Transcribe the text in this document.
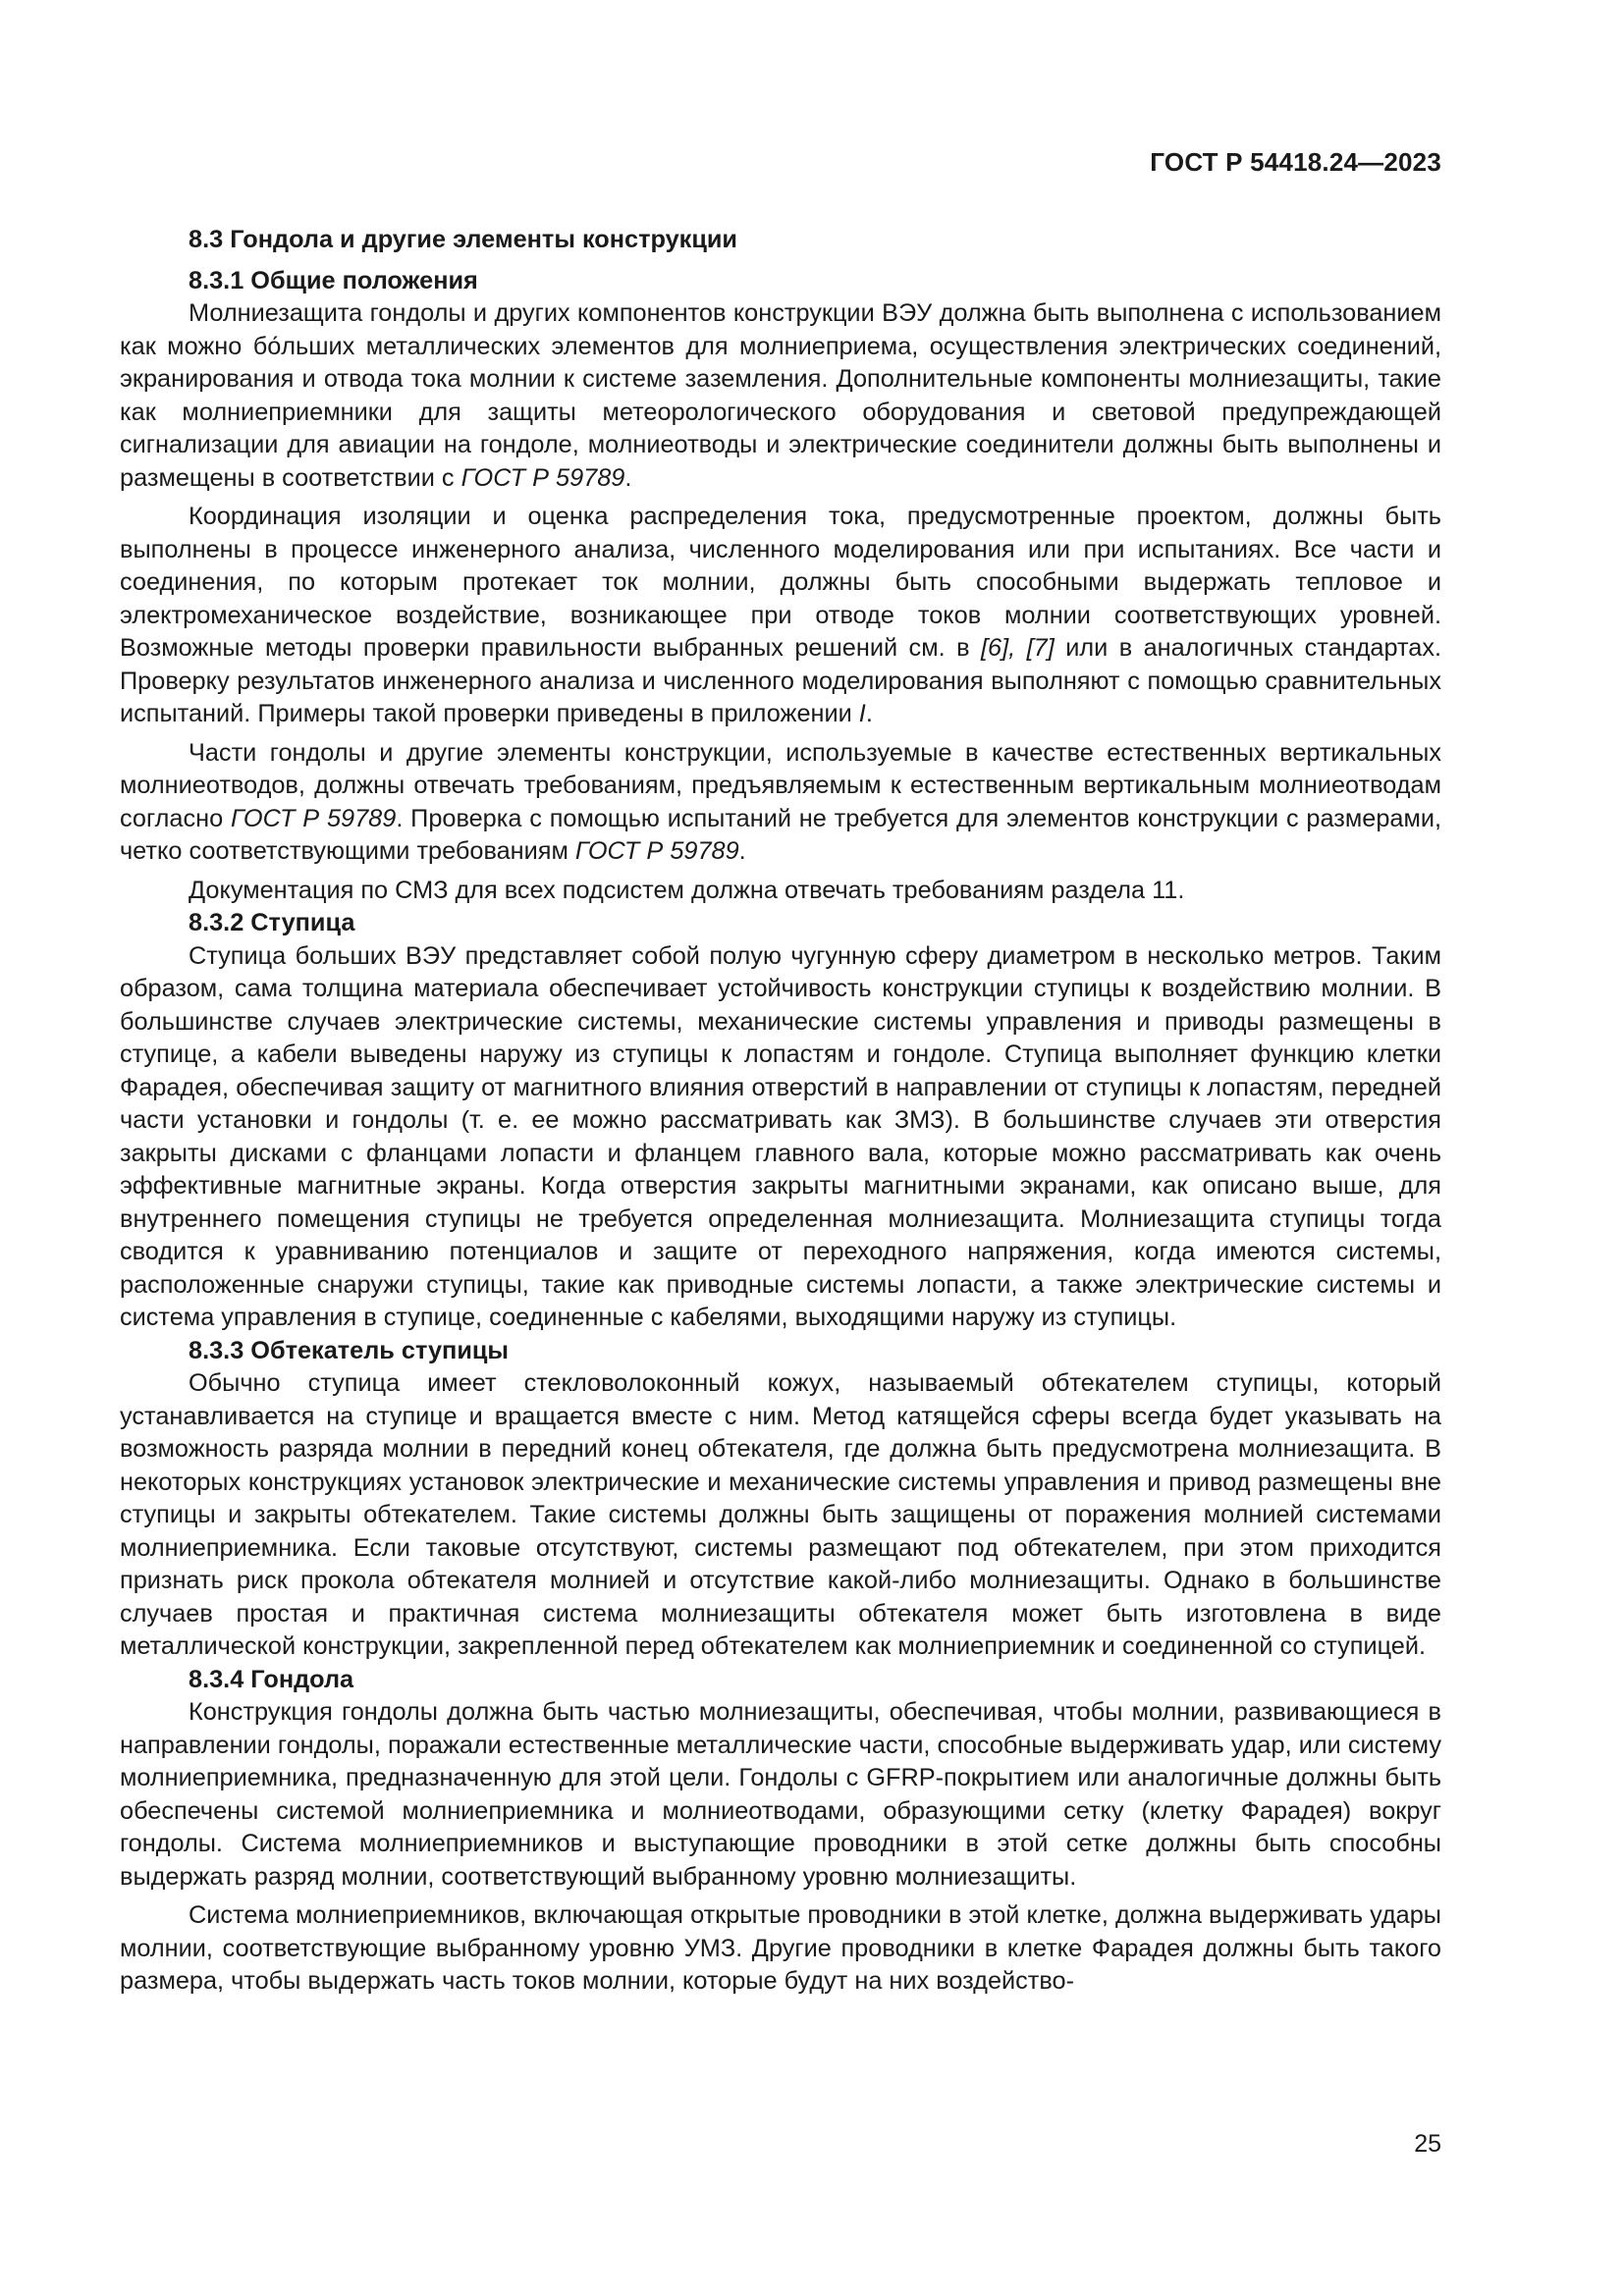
ГОСТ Р 54418.24—2023

8.3 Гондола и другие элементы конструкции

8.3.1 Общие положения

Молниезащита гондолы и других компонентов конструкции ВЭУ должна быть выполнена с использованием как можно бо́льших металлических элементов для молниеприема, осуществления электрических соединений, экранирования и отвода тока молнии к системе заземления. Дополнительные компоненты молниезащиты, такие как молниеприемники для защиты метеорологического оборудования и световой предупреждающей сигнализации для авиации на гондоле, молниеотводы и электрические соединители должны быть выполнены и размещены в соответствии с ГОСТ Р 59789.

Координация изоляции и оценка распределения тока, предусмотренные проектом, должны быть выполнены в процессе инженерного анализа, численного моделирования или при испытаниях. Все части и соединения, по которым протекает ток молнии, должны быть способными выдержать тепловое и электромеханическое воздействие, возникающее при отводе токов молнии соответствующих уровней. Возможные методы проверки правильности выбранных решений см. в [6], [7] или в аналогичных стандартах. Проверку результатов инженерного анализа и численного моделирования выполняют с помощью сравнительных испытаний. Примеры такой проверки приведены в приложении I.

Части гондолы и другие элементы конструкции, используемые в качестве естественных вертикальных молниеотводов, должны отвечать требованиям, предъявляемым к естественным вертикальным молниеотводам согласно ГОСТ Р 59789. Проверка с помощью испытаний не требуется для элементов конструкции с размерами, четко соответствующими требованиям ГОСТ Р 59789.

Документация по СМЗ для всех подсистем должна отвечать требованиям раздела 11.

8.3.2 Ступица

Ступица больших ВЭУ представляет собой полую чугунную сферу диаметром в несколько метров. Таким образом, сама толщина материала обеспечивает устойчивость конструкции ступицы к воздействию молнии. В большинстве случаев электрические системы, механические системы управления и приводы размещены в ступице, а кабели выведены наружу из ступицы к лопастям и гондоле. Ступица выполняет функцию клетки Фарадея, обеспечивая защиту от магнитного влияния отверстий в направлении от ступицы к лопастям, передней части установки и гондолы (т. е. ее можно рассматривать как ЗМЗ). В большинстве случаев эти отверстия закрыты дисками с фланцами лопасти и фланцем главного вала, которые можно рассматривать как очень эффективные магнитные экраны. Когда отверстия закрыты магнитными экранами, как описано выше, для внутреннего помещения ступицы не требуется определенная молниезащита. Молниезащита ступицы тогда сводится к уравниванию потенциалов и защите от переходного напряжения, когда имеются системы, расположенные снаружи ступицы, такие как приводные системы лопасти, а также электрические системы и система управления в ступице, соединенные с кабелями, выходящими наружу из ступицы.

8.3.3 Обтекатель ступицы

Обычно ступица имеет стекловолоконный кожух, называемый обтекателем ступицы, который устанавливается на ступице и вращается вместе с ним. Метод катящейся сферы всегда будет указывать на возможность разряда молнии в передний конец обтекателя, где должна быть предусмотрена молниезащита. В некоторых конструкциях установок электрические и механические системы управления и привод размещены вне ступицы и закрыты обтекателем. Такие системы должны быть защищены от поражения молнией системами молниеприемника. Если таковые отсутствуют, системы размещают под обтекателем, при этом приходится признать риск прокола обтекателя молнией и отсутствие какой-либо молниезащиты. Однако в большинстве случаев простая и практичная система молниезащиты обтекателя может быть изготовлена в виде металлической конструкции, закрепленной перед обтекателем как молниеприемник и соединенной со ступицей.

8.3.4 Гондола

Конструкция гондолы должна быть частью молниезащиты, обеспечивая, чтобы молнии, развивающиеся в направлении гондолы, поражали естественные металлические части, способные выдерживать удар, или систему молниеприемника, предназначенную для этой цели. Гондолы с GFRP-покрытием или аналогичные должны быть обеспечены системой молниеприемника и молниеотводами, образующими сетку (клетку Фарадея) вокруг гондолы. Система молниеприемников и выступающие проводники в этой сетке должны быть способны выдержать разряд молнии, соответствующий выбранному уровню молниезащиты.

Система молниеприемников, включающая открытые проводники в этой клетке, должна выдерживать удары молнии, соответствующие выбранному уровню УМЗ. Другие проводники в клетке Фарадея должны быть такого размера, чтобы выдержать часть токов молнии, которые будут на них воздейство-

25
